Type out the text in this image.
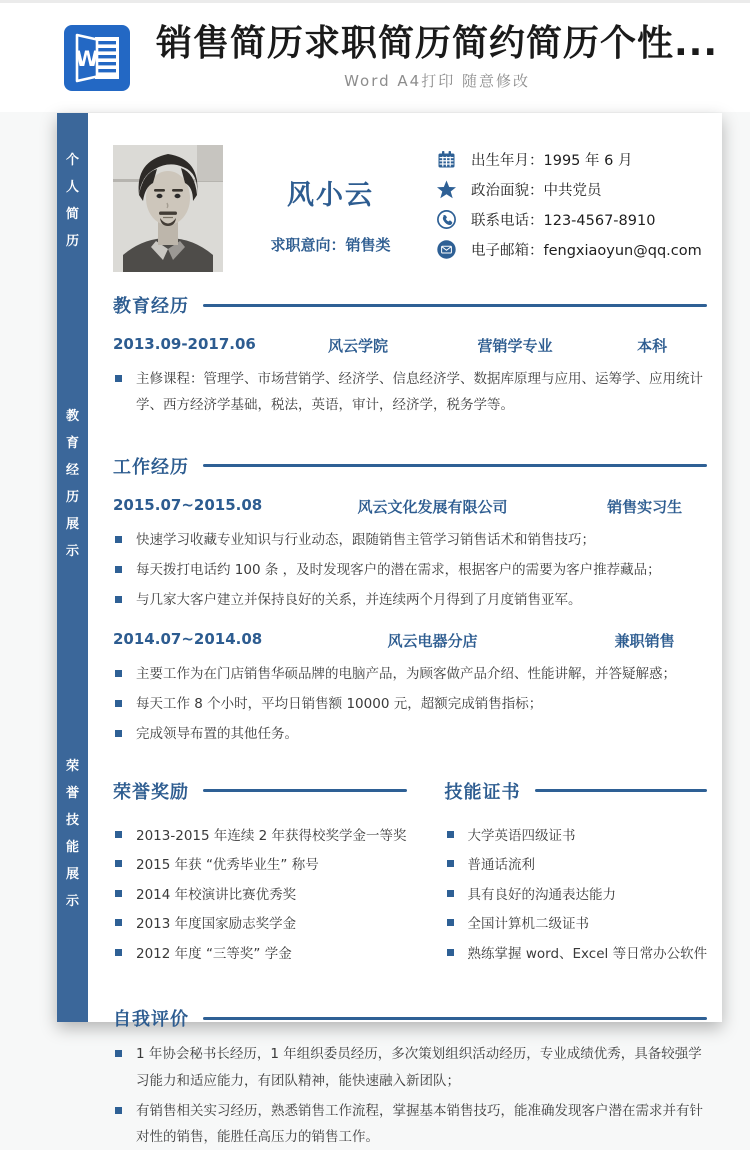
W 销售简历求职简历简约简历个性...
Word A4打印 随意修改
个
人
简
历
教
育
经
历
展
示
荣
誉
技
能
展
示
风小云
求职意向：销售类
出生年月：1995 年 6 月
政治面貌：中共党员
联系电话：123-4567-8910
电子邮箱：fengxiaoyun@qq.com
教育经历
2013.09-2017.06	风云学院	营销学专业	本科
主修课程：管理学、市场营销学、经济学、信息经济学、数据库原理与应用、运筹学、应用统计学、西方经济学基础，税法，英语，审计，经济学，税务学等。
工作经历
2015.07~2015.08	风云文化发展有限公司	销售实习生
快速学习收藏专业知识与行业动态，跟随销售主管学习销售话术和销售技巧；
每天拨打电话约 100 条 ，及时发现客户的潜在需求，根据客户的需要为客户推荐藏品；
与几家大客户建立并保持良好的关系，并连续两个月得到了月度销售亚军。
2014.07~2014.08	风云电器分店	兼职销售
主要工作为在门店销售华硕品牌的电脑产品，为顾客做产品介绍、性能讲解，并答疑解惑；
每天工作 8 个小时，平均日销售额 10000 元，超额完成销售指标；
完成领导布置的其他任务。
荣誉奖励
2013-2015 年连续 2 年获得校奖学金一等奖
2015 年获 “优秀毕业生” 称号
2014 年校演讲比赛优秀奖
2013 年度国家励志奖学金
2012 年度 “三等奖” 学金
技能证书
大学英语四级证书
普通话流利
具有良好的沟通表达能力
全国计算机二级证书
熟练掌握 word、Excel 等日常办公软件
自我评价
1 年协会秘书长经历，1 年组织委员经历，多次策划组织活动经历，专业成绩优秀，具备较强学习能力和适应能力，有团队精神，能快速融入新团队；
有销售相关实习经历，熟悉销售工作流程，掌握基本销售技巧，能准确发现客户潜在需求并有针对性的销售，能胜任高压力的销售工作。
